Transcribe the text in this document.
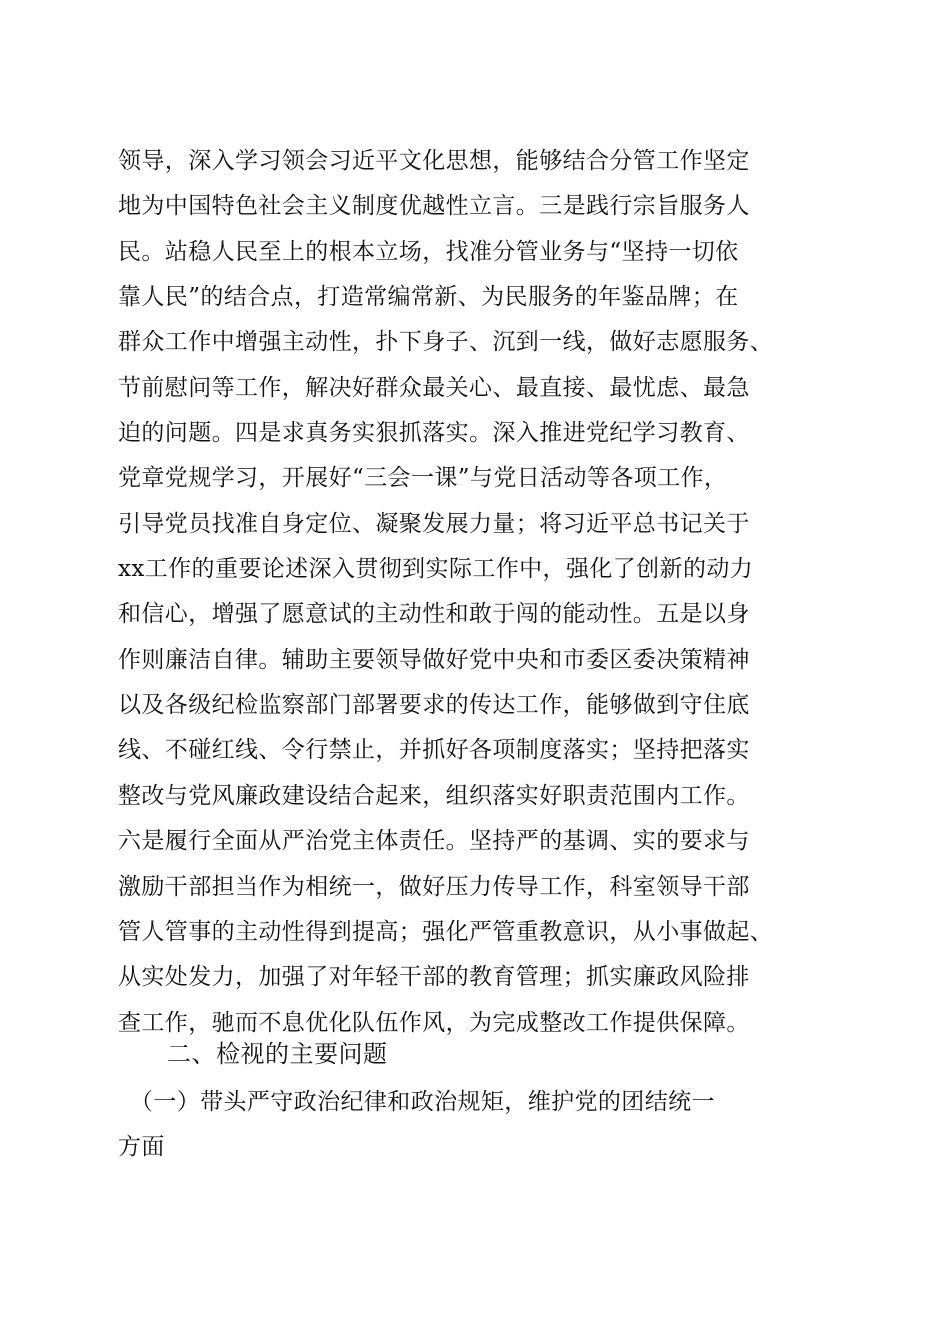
领导，深入学习领会习近平文化思想，能够结合分管工作坚定
地为中国特色社会主义制度优越性立言。三是践行宗旨服务人
民。站稳人民至上的根本立场，找准分管业务与“坚持一切依
靠人民”的结合点，打造常编常新、为民服务的年鉴品牌；在
群众工作中增强主动性，扑下身子、沉到一线，做好志愿服务、
节前慰问等工作，解决好群众最关心、最直接、最忧虑、最急
迫的问题。四是求真务实狠抓落实。深入推进党纪学习教育、
党章党规学习，开展好“三会一课”与党日活动等各项工作，
引导党员找准自身定位、凝聚发展力量；将习近平总书记关于
xx工作的重要论述深入贯彻到实际工作中，强化了创新的动力
和信心，增强了愿意试的主动性和敢于闯的能动性。五是以身
作则廉洁自律。辅助主要领导做好党中央和市委区委决策精神
以及各级纪检监察部门部署要求的传达工作，能够做到守住底
线、不碰红线、令行禁止，并抓好各项制度落实；坚持把落实
整改与党风廉政建设结合起来，组织落实好职责范围内工作。
六是履行全面从严治党主体责任。坚持严的基调、实的要求与
激励干部担当作为相统一，做好压力传导工作，科室领导干部
管人管事的主动性得到提高；强化严管重教意识，从小事做起、
从实处发力，加强了对年轻干部的教育管理；抓实廉政风险排
查工作，驰而不息优化队伍作风，为完成整改工作提供保障。
二、检视的主要问题
　（一）带头严守政治纪律和政治规矩，维护党的团结统一
方面
